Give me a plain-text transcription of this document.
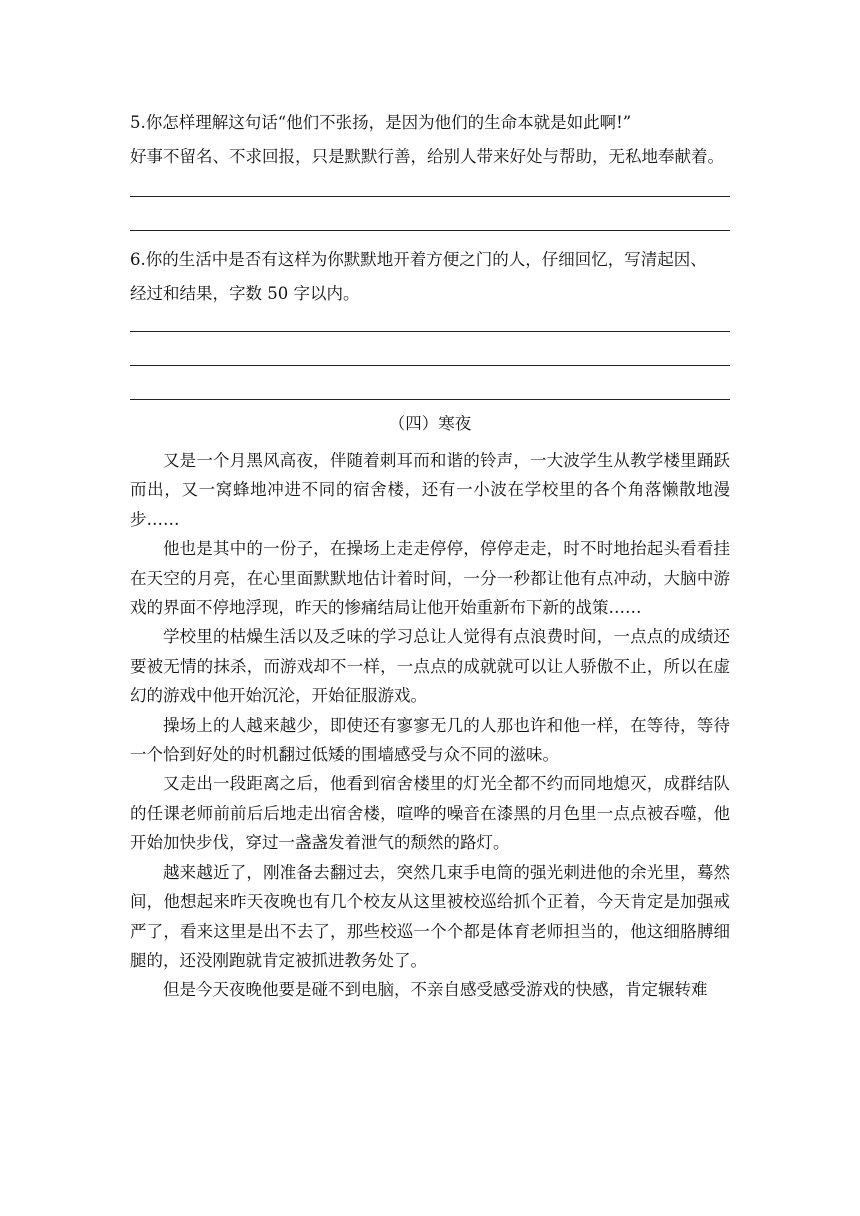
5.你怎样理解这句话“他们不张扬，是因为他们的生命本就是如此啊!”
好事不留名、不求回报，只是默默行善，给别人带来好处与帮助，无私地奉献着。
6.你的生活中是否有这样为你默默地开着方便之门的人，仔细回忆，写清起因、
经过和结果，字数 50 字以内。
（四）寒夜

又是一个月黑风高夜，伴随着刺耳而和谐的铃声，一大波学生从教学楼里踊跃而出，又一窝蜂地冲进不同的宿舍楼，还有一小波在学校里的各个角落懒散地漫步……

他也是其中的一份子，在操场上走走停停，停停走走，时不时地抬起头看看挂在天空的月亮，在心里面默默地估计着时间，一分一秒都让他有点冲动，大脑中游戏的界面不停地浮现，昨天的惨痛结局让他开始重新布下新的战策……

学校里的枯燥生活以及乏味的学习总让人觉得有点浪费时间，一点点的成绩还要被无情的抹杀，而游戏却不一样，一点点的成就就可以让人骄傲不止，所以在虚幻的游戏中他开始沉沦，开始征服游戏。

操场上的人越来越少，即使还有寥寥无几的人那也许和他一样，在等待，等待一个恰到好处的时机翻过低矮的围墙感受与众不同的滋味。

又走出一段距离之后，他看到宿舍楼里的灯光全都不约而同地熄灭，成群结队的任课老师前前后后地走出宿舍楼，喧哗的噪音在漆黑的月色里一点点被吞噬，他开始加快步伐，穿过一盏盏发着泄气的颓然的路灯。

越来越近了，刚准备去翻过去，突然几束手电筒的强光刺进他的余光里，蓦然间，他想起来昨天夜晚也有几个校友从这里被校巡给抓个正着，今天肯定是加强戒严了，看来这里是出不去了，那些校巡一个个都是体育老师担当的，他这细胳膊细腿的，还没刚跑就肯定被抓进教务处了。

但是今天夜晚他要是碰不到电脑，不亲自感受感受游戏的快感，肯定辗转难
